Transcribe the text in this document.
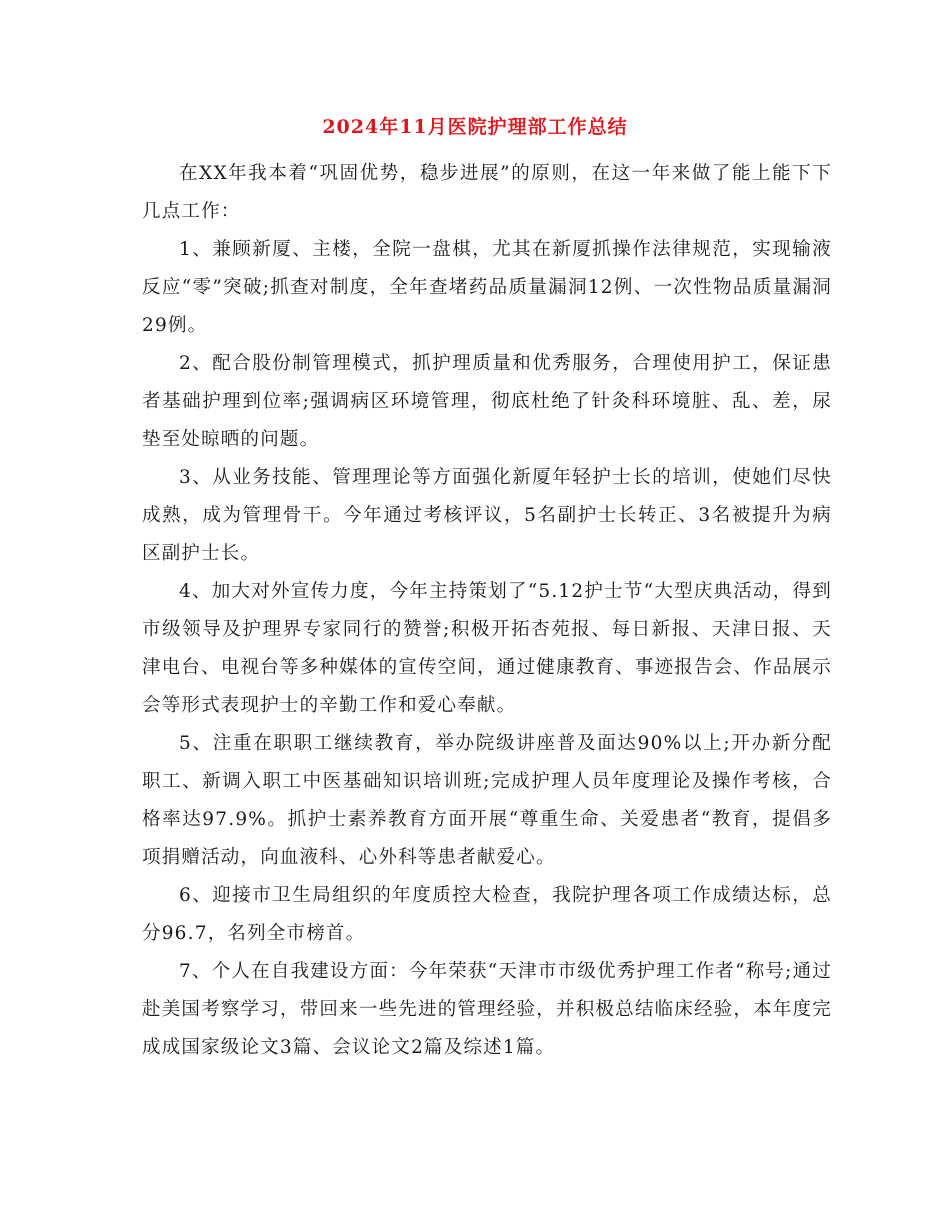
2024年11月医院护理部工作总结

在XX年我本着“巩固优势，稳步进展”的原则，在这一年来做了能上能下下几点工作：

1、兼顾新厦、主楼，全院一盘棋，尤其在新厦抓操作法律规范，实现输液反应“零”突破;抓查对制度，全年查堵药品质量漏洞12例、一次性物品质量漏洞29例。

2、配合股份制管理模式，抓护理质量和优秀服务，合理使用护工，保证患者基础护理到位率;强调病区环境管理，彻底杜绝了针灸科环境脏、乱、差，尿垫至处晾晒的问题。

3、从业务技能、管理理论等方面强化新厦年轻护士长的培训，使她们尽快成熟，成为管理骨干。今年通过考核评议，5名副护士长转正、3名被提升为病区副护士长。

4、加大对外宣传力度，今年主持策划了“5.12护士节“大型庆典活动，得到市级领导及护理界专家同行的赞誉;积极开拓杏苑报、每日新报、天津日报、天津电台、电视台等多种媒体的宣传空间，通过健康教育、事迹报告会、作品展示会等形式表现护士的辛勤工作和爱心奉献。

5、注重在职职工继续教育，举办院级讲座普及面达90%以上;开办新分配职工、新调入职工中医基础知识培训班;完成护理人员年度理论及操作考核，合格率达97.9%。抓护士素养教育方面开展“尊重生命、关爱患者“教育，提倡多项捐赠活动，向血液科、心外科等患者献爱心。

6、迎接市卫生局组织的年度质控大检查，我院护理各项工作成绩达标，总分96.7，名列全市榜首。

7、个人在自我建设方面：今年荣获“天津市市级优秀护理工作者“称号;通过赴美国考察学习，带回来一些先进的管理经验，并积极总结临床经验，本年度完成成国家级论文3篇、会议论文2篇及综述1篇。
